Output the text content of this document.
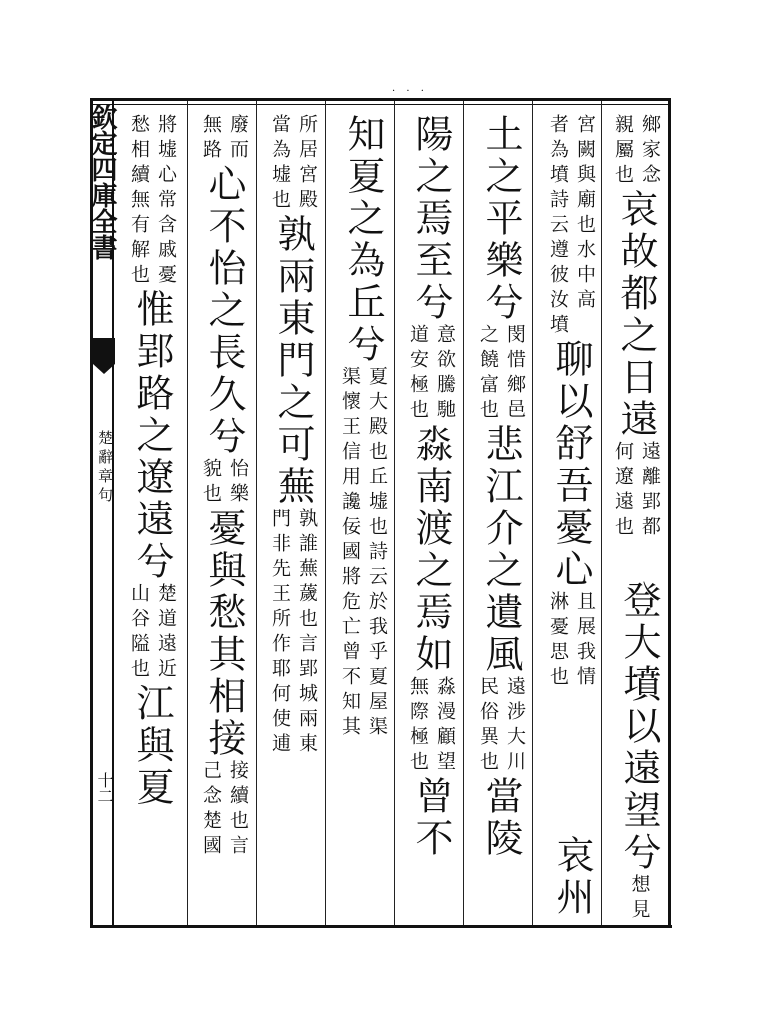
· · ·
欽定四庫全書
楚辭章句
十二
鄉家念
親屬也
哀故都之日遠
遠離郢都
何遼遠也
宮闕與廟也水中高
者為墳詩云遵彼汝墳
聊以舒吾憂心
且展我情
淋憂思也
土之平樂兮
閔惜鄉邑
之饒富也
悲江介之遺風
遠涉大川
民俗異也
當陵
陽之焉至兮
意欲騰馳
道安極也
淼南渡之焉如
淼漫顧望
無際極也
曾不
知夏之為丘兮
夏大殿也丘墟也詩云於我乎夏屋渠
渠懷王信用讒佞國將危亡曾不知其
所居宮殿
當為墟也
孰兩東門之可蕪
孰誰蕪薉也言郢城兩東
門非先王所作耶何使逋
廢而
無路
心不怡之長久兮
怡樂
貌也
憂與愁其相接
接續也言
己念楚國
將墟心常含戚憂
愁相續無有解也
惟郢路之遼遠兮
楚道遠近
山谷隘也
江與夏	登大墳以遠望兮
想見
哀州
